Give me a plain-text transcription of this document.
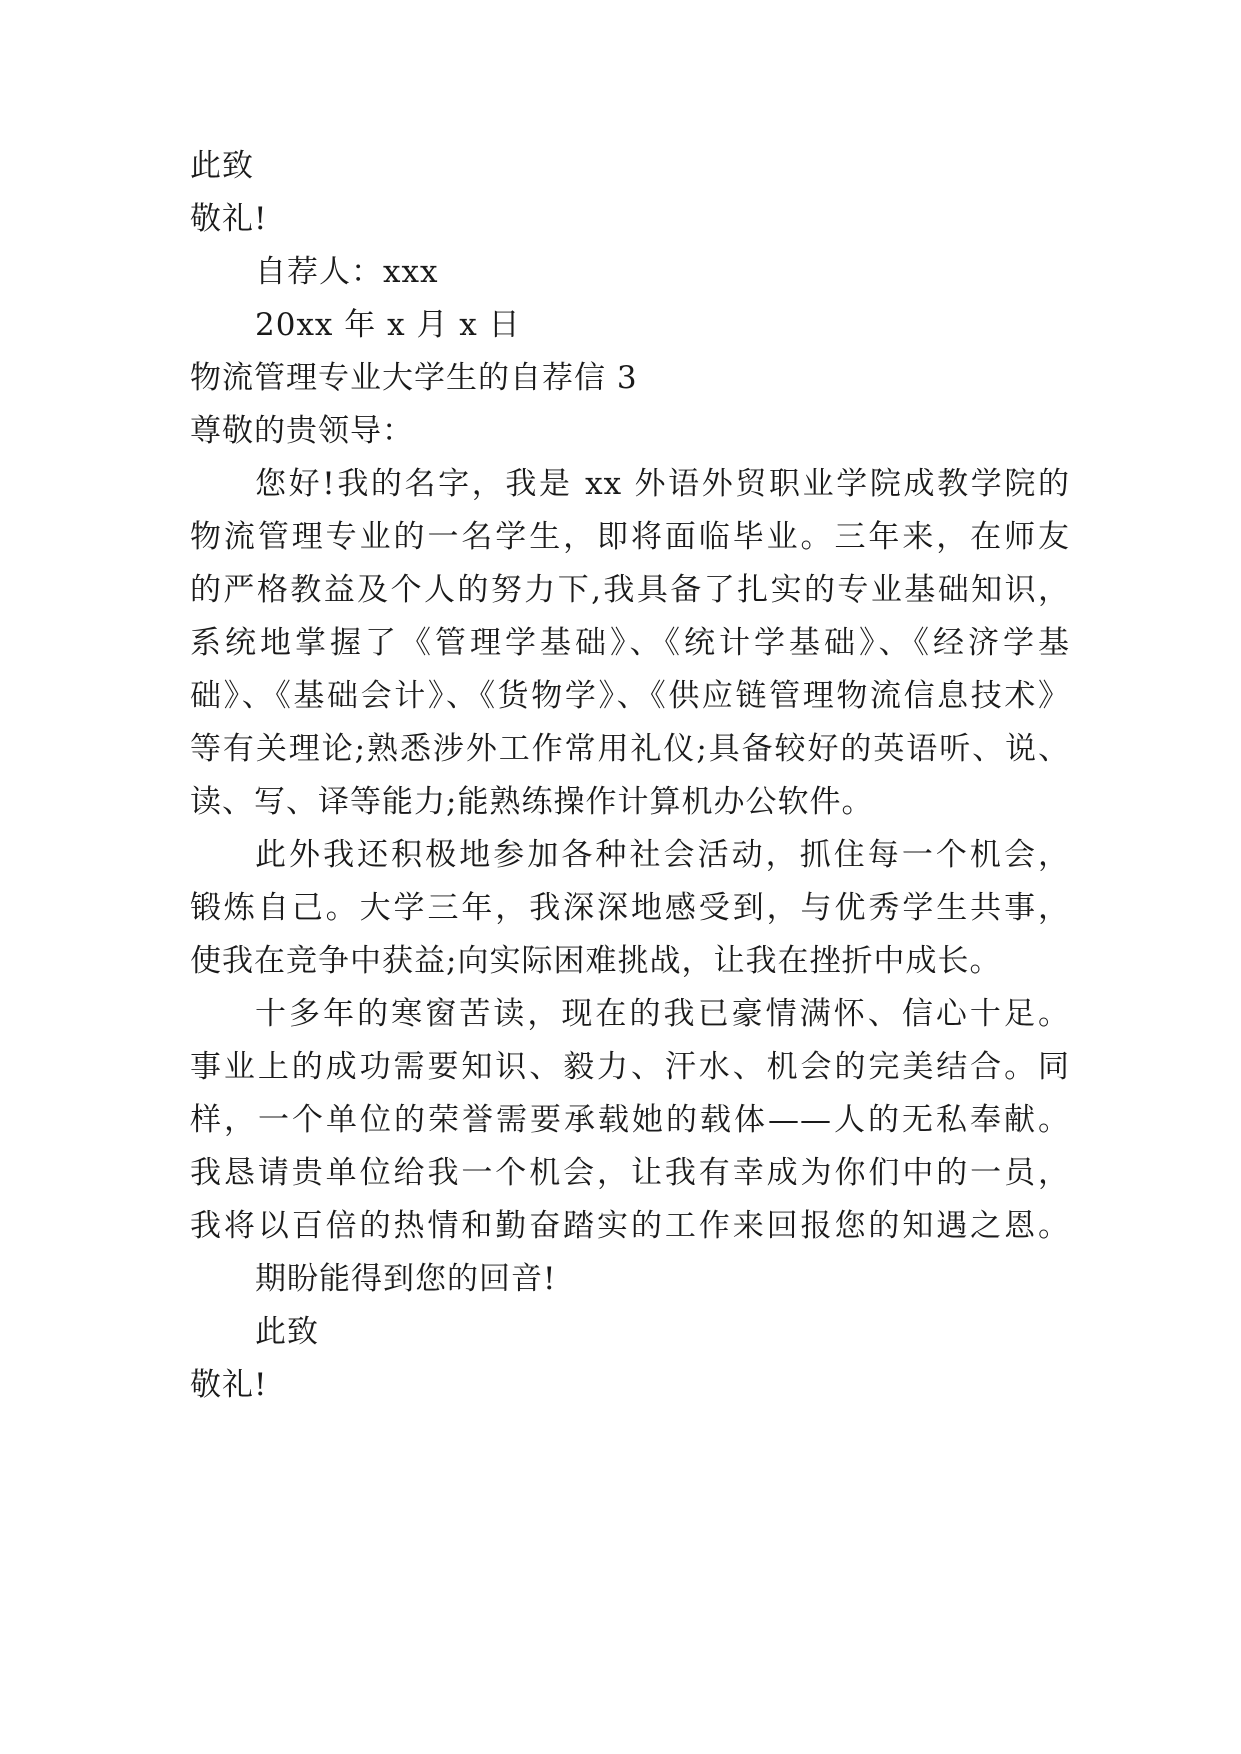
此致
敬礼!
自荐人：xxx
20xx 年 x 月 x 日
物流管理专业大学生的自荐信 3
尊敬的贵领导：
您好!我的名字，我是 xx 外语外贸职业学院成教学院的
物流管理专业的一名学生，即将面临毕业。三年来，在师友
的严格教益及个人的努力下,我具备了扎实的专业基础知识，
系统地掌握了《管理学基础》、《统计学基础》、《经济学基
础》、《基础会计》、《货物学》、《供应链管理物流信息技术》
等有关理论;熟悉涉外工作常用礼仪;具备较好的英语听、说、
读、写、译等能力;能熟练操作计算机办公软件。
此外我还积极地参加各种社会活动，抓住每一个机会，
锻炼自己。大学三年，我深深地感受到，与优秀学生共事，
使我在竞争中获益;向实际困难挑战，让我在挫折中成长。
十多年的寒窗苦读，现在的我已豪情满怀、信心十足。
事业上的成功需要知识、毅力、汗水、机会的完美结合。同
样，一个单位的荣誉需要承载她的载体——人的无私奉献。
我恳请贵单位给我一个机会，让我有幸成为你们中的一员，
我将以百倍的热情和勤奋踏实的工作来回报您的知遇之恩。
期盼能得到您的回音!
此致
敬礼!
